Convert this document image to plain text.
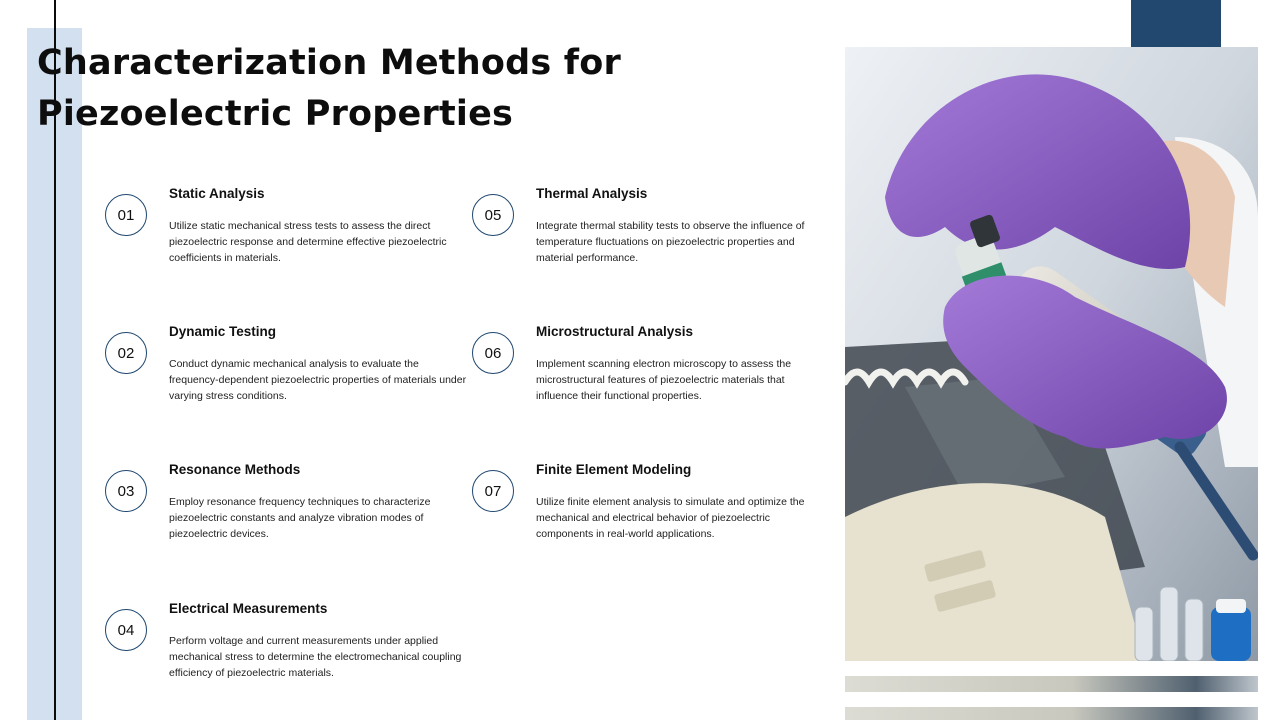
Characterization Methods for Piezoelectric Properties
01
Static Analysis
Utilize static mechanical stress tests to assess the direct piezoelectric response and determine effective piezoelectric coefficients in materials.
02
Dynamic Testing
Conduct dynamic mechanical analysis to evaluate the frequency-dependent piezoelectric properties of materials under varying stress conditions.
03
Resonance Methods
Employ resonance frequency techniques to characterize piezoelectric constants and analyze vibration modes of piezoelectric devices.
04
Electrical Measurements
Perform voltage and current measurements under applied mechanical stress to determine the electromechanical coupling efficiency of piezoelectric materials.
05
Thermal Analysis
Integrate thermal stability tests to observe the influence of temperature fluctuations on piezoelectric properties and material performance.
06
Microstructural Analysis
Implement scanning electron microscopy to assess the microstructural features of piezoelectric materials that influence their functional properties.
07
Finite Element Modeling
Utilize finite element analysis to simulate and optimize the mechanical and electrical behavior of piezoelectric components in real-world applications.
